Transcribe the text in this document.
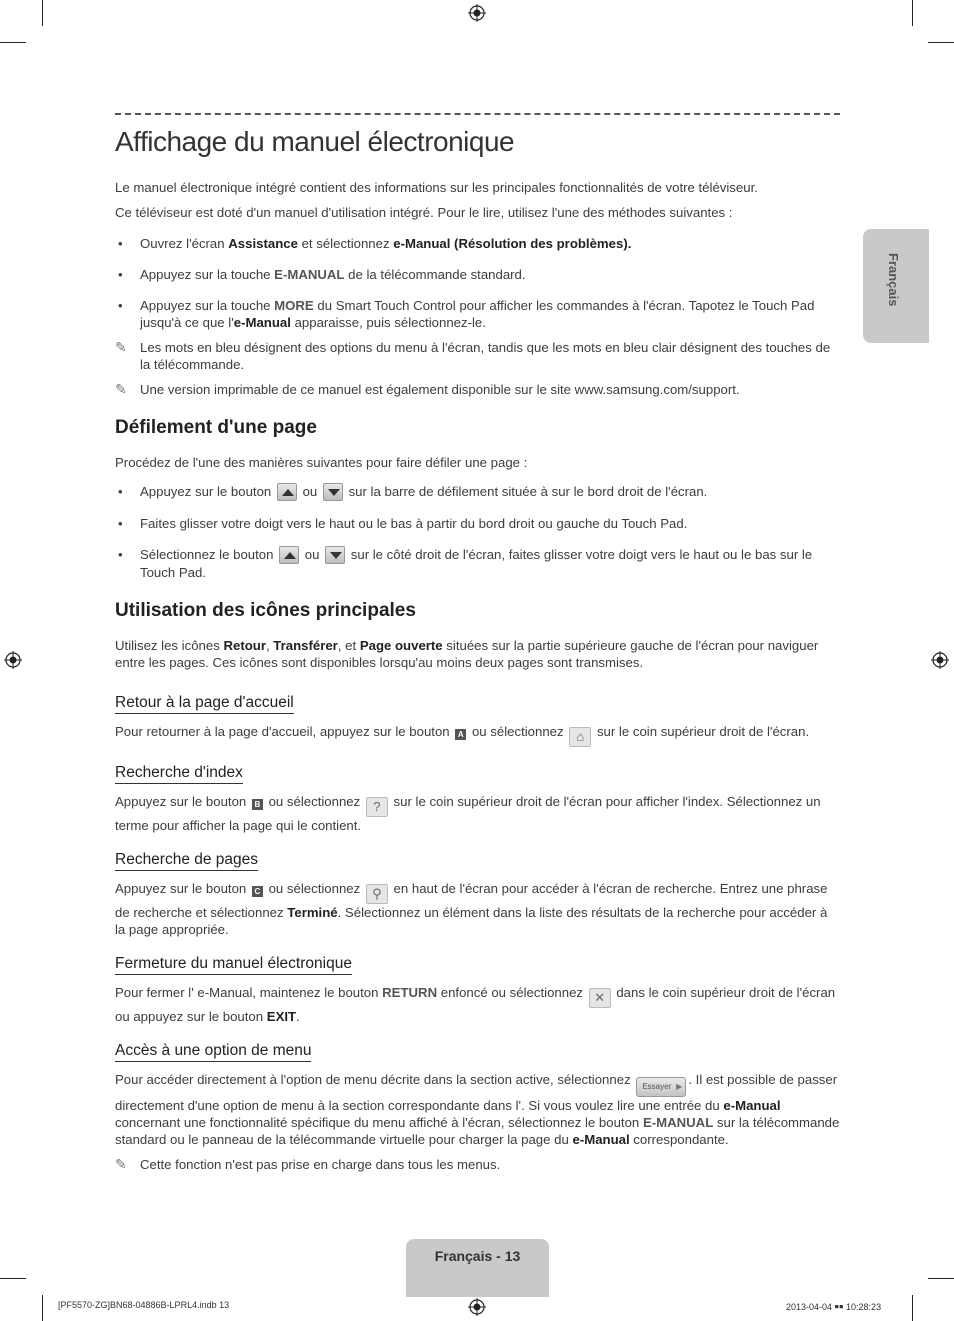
Français
Affichage du manuel électronique

Le manuel électronique intégré contient des informations sur les principales fonctionnalités de votre téléviseur.

Ce téléviseur est doté d'un manuel d'utilisation intégré. Pour le lire, utilisez l'une des méthodes suivantes :

• Ouvrez l'écran Assistance et sélectionnez e-Manual (Résolution des problèmes).
• Appuyez sur la touche E-MANUAL de la télécommande standard.
• Appuyez sur la touche MORE du Smart Touch Control pour afficher les commandes à l'écran. Tapotez le Touch Pad jusqu'à ce que l'e-Manual apparaisse, puis sélectionnez-le.
✎ Les mots en bleu désignent des options du menu à l'écran, tandis que les mots en bleu clair désignent des touches de la télécommande.
✎ Une version imprimable de ce manuel est également disponible sur le site www.samsung.com/support.
Défilement d'une page

Procédez de l'une des manières suivantes pour faire défiler une page :

• Appuyez sur le bouton  ou  sur la barre de défilement située à sur le bord droit de l'écran.
• Faites glisser votre doigt vers le haut ou le bas à partir du bord droit ou gauche du Touch Pad.
• Sélectionnez le bouton  ou  sur le côté droit de l'écran, faites glisser votre doigt vers le haut ou le bas sur le Touch Pad.
Utilisation des icônes principales

Utilisez les icônes Retour, Transférer, et Page ouverte situées sur la partie supérieure gauche de l'écran pour naviguer entre les pages. Ces icônes sont disponibles lorsqu'au moins deux pages sont transmises.

Retour à la page d'accueil

Pour retourner à la page d'accueil, appuyez sur le bouton A ou sélectionnez ⌂ sur le coin supérieur droit de l'écran.

Recherche d'index

Appuyez sur le bouton B ou sélectionnez ? sur le coin supérieur droit de l'écran pour afficher l'index. Sélectionnez un terme pour afficher la page qui le contient.

Recherche de pages

Appuyez sur le bouton C ou sélectionnez ⚲ en haut de l'écran pour accéder à l'écran de recherche. Entrez une phrase de recherche et sélectionnez Terminé. Sélectionnez un élément dans la liste des résultats de la recherche pour accéder à la page appropriée.

Fermeture du manuel électronique

Pour fermer l' e-Manual, maintenez le bouton RETURN enfoncé ou sélectionnez ✕ dans le coin supérieur droit de l'écran ou appuyez sur le bouton EXIT.

Accès à une option de menu

Pour accéder directement à l'option de menu décrite dans la section active, sélectionnez Essayer ▶ . Il est possible de passer directement d'une option de menu à la section correspondante dans l'. Si vous voulez lire une entrée du e-Manual concernant une fonctionnalité spécifique du menu affiché à l'écran, sélectionnez le bouton E-MANUAL sur la télécommande standard ou le panneau de la télécommande virtuelle pour charger la page du e-Manual correspondante.

✎ Cette fonction n'est pas prise en charge dans tous les menus.
Français - 13
[PF5570-ZG]BN68-04886B-LPRL4.indb 13	2013-04-04 ￭￭ 10:28:23
